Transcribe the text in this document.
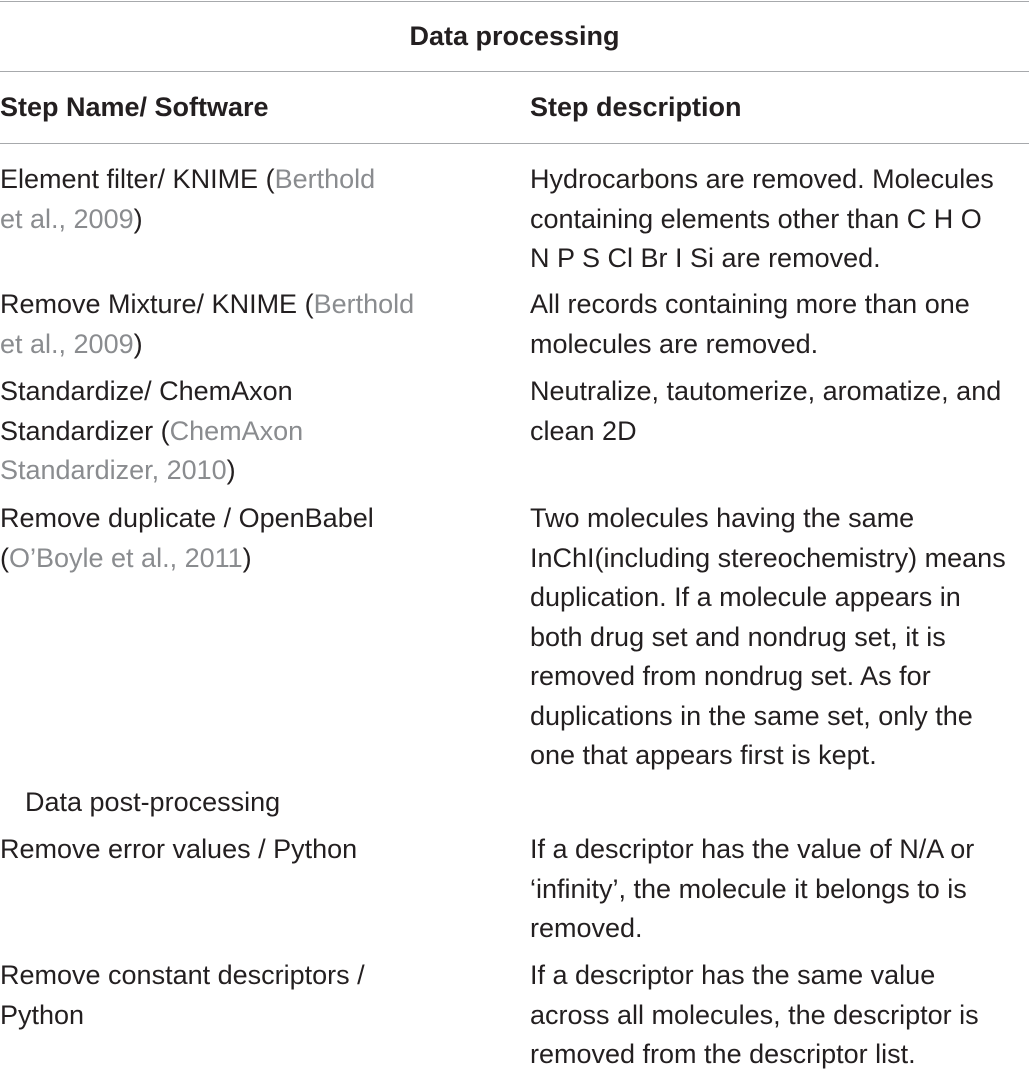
Data processing
Step Name/ Software	Step description
Element filter/ KNIME (Berthold
et al., 2009)
Hydrocarbons are removed. Molecules
containing elements other than C H O
N P S Cl Br I Si are removed.
Remove Mixture/ KNIME (Berthold
et al., 2009)
All records containing more than one
molecules are removed.
Standardize/ ChemAxon
Standardizer (ChemAxon
Standardizer, 2010)
Neutralize, tautomerize, aromatize, and
clean 2D
Remove duplicate / OpenBabel
(O’Boyle et al., 2011)
Two molecules having the same
InChI(including stereochemistry) means
duplication. If a molecule appears in
both drug set and nondrug set, it is
removed from nondrug set. As for
duplications in the same set, only the
one that appears first is kept.
Data post-processing
Remove error values / Python	If a descriptor has the value of N/A or
‘infinity’, the molecule it belongs to is
removed.
Remove constant descriptors /
Python
If a descriptor has the same value
across all molecules, the descriptor is
removed from the descriptor list.
